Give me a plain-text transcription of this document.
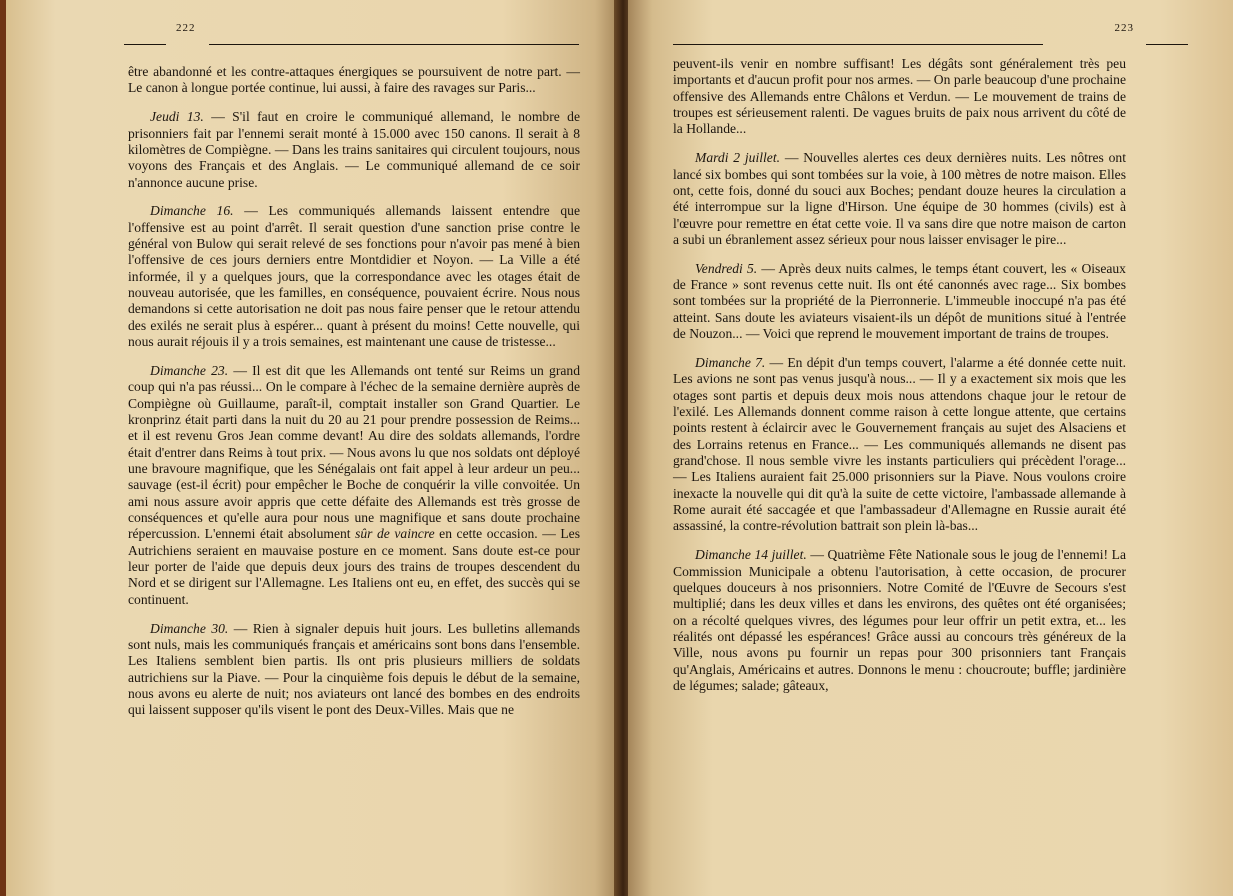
222

être abandonné et les contre-attaques énergiques se poursuivent de notre part. — Le canon à longue portée continue, lui aussi, à faire des ravages sur Paris...

Jeudi 13. — S'il faut en croire le communiqué allemand, le nombre de prisonniers fait par l'ennemi serait monté à 15.000 avec 150 canons. Il serait à 8 kilomètres de Compiègne. — Dans les trains sanitaires qui circulent toujours, nous voyons des Français et des Anglais. — Le communiqué allemand de ce soir n'annonce aucune prise.

Dimanche 16. — Les communiqués allemands laissent entendre que l'offensive est au point d'arrêt. Il serait question d'une sanction prise contre le général von Bulow qui serait relevé de ses fonctions pour n'avoir pas mené à bien l'offensive de ces jours derniers entre Montdidier et Noyon. — La Ville a été informée, il y a quelques jours, que la correspondance avec les otages était de nouveau autorisée, que les familles, en conséquence, pouvaient écrire. Nous nous demandons si cette autorisation ne doit pas nous faire penser que le retour attendu des exilés ne serait plus à espérer... quant à présent du moins! Cette nouvelle, qui nous aurait réjouis il y a trois semaines, est maintenant une cause de tristesse...

Dimanche 23. — Il est dit que les Allemands ont tenté sur Reims un grand coup qui n'a pas réussi... On le compare à l'échec de la semaine dernière auprès de Compiègne où Guillaume, paraît-il, comptait installer son Grand Quartier. Le kronprinz était parti dans la nuit du 20 au 21 pour prendre possession de Reims... et il est revenu Gros Jean comme devant! Au dire des soldats allemands, l'ordre était d'entrer dans Reims à tout prix. — Nous avons lu que nos soldats ont déployé une bravoure magnifique, que les Sénégalais ont fait appel à leur ardeur un peu... sauvage (est-il écrit) pour empêcher le Boche de conquérir la ville convoitée. Un ami nous assure avoir appris que cette défaite des Allemands est très grosse de conséquences et qu'elle aura pour nous une magnifique et sans doute prochaine répercussion. L'ennemi était absolument sûr de vaincre en cette occasion. — Les Autrichiens seraient en mauvaise posture en ce moment. Sans doute est-ce pour leur porter de l'aide que depuis deux jours des trains de troupes descendent du Nord et se dirigent sur l'Allemagne. Les Italiens ont eu, en effet, des succès qui se continuent.

Dimanche 30. — Rien à signaler depuis huit jours. Les bulletins allemands sont nuls, mais les communiqués français et américains sont bons dans l'ensemble. Les Italiens semblent bien partis. Ils ont pris plusieurs milliers de soldats autrichiens sur la Piave. — Pour la cinquième fois depuis le début de la semaine, nous avons eu alerte de nuit; nos aviateurs ont lancé des bombes en des endroits qui laissent supposer qu'ils visent le pont des Deux-Villes. Mais que ne

223

peuvent-ils venir en nombre suffisant! Les dégâts sont généralement très peu importants et d'aucun profit pour nos armes. — On parle beaucoup d'une prochaine offensive des Allemands entre Châlons et Verdun. — Le mouvement de trains de troupes est sérieusement ralenti. De vagues bruits de paix nous arrivent du côté de la Hollande...

Mardi 2 juillet. — Nouvelles alertes ces deux dernières nuits. Les nôtres ont lancé six bombes qui sont tombées sur la voie, à 100 mètres de notre maison. Elles ont, cette fois, donné du souci aux Boches; pendant douze heures la circulation a été interrompue sur la ligne d'Hirson. Une équipe de 30 hommes (civils) est à l'œuvre pour remettre en état cette voie. Il va sans dire que notre maison de carton a subi un ébranlement assez sérieux pour nous laisser envisager le pire...

Vendredi 5. — Après deux nuits calmes, le temps étant couvert, les « Oiseaux de France » sont revenus cette nuit. Ils ont été canonnés avec rage... Six bombes sont tombées sur la propriété de la Pierronnerie. L'immeuble inoccupé n'a pas été atteint. Sans doute les aviateurs visaient-ils un dépôt de munitions situé à l'entrée de Nouzon... — Voici que reprend le mouvement important de trains de troupes.

Dimanche 7. — En dépit d'un temps couvert, l'alarme a été donnée cette nuit. Les avions ne sont pas venus jusqu'à nous... — Il y a exactement six mois que les otages sont partis et depuis deux mois nous attendons chaque jour le retour de l'exilé. Les Allemands donnent comme raison à cette longue attente, que certains points restent à éclaircir avec le Gouvernement français au sujet des Alsaciens et des Lorrains retenus en France... — Les communiqués allemands ne disent pas grand'chose. Il nous semble vivre les instants particuliers qui précèdent l'orage... — Les Italiens auraient fait 25.000 prisonniers sur la Piave. Nous voulons croire inexacte la nouvelle qui dit qu'à la suite de cette victoire, l'ambassade allemande à Rome aurait été saccagée et que l'ambassadeur d'Allemagne en Russie aurait été assassiné, la contre-révolution battrait son plein là-bas...

Dimanche 14 juillet. — Quatrième Fête Nationale sous le joug de l'ennemi! La Commission Municipale a obtenu l'autorisation, à cette occasion, de procurer quelques douceurs à nos prisonniers. Notre Comité de l'Œuvre de Secours s'est multiplié; dans les deux villes et dans les environs, des quêtes ont été organisées; on a récolté quelques vivres, des légumes pour leur offrir un petit extra, et... les réalités ont dépassé les espérances! Grâce aussi au concours très généreux de la Ville, nous avons pu fournir un repas pour 300 prisonniers tant Français qu'Anglais, Américains et autres. Donnons le menu : choucroute; buffle; jardinière de légumes; salade; gâteaux,
